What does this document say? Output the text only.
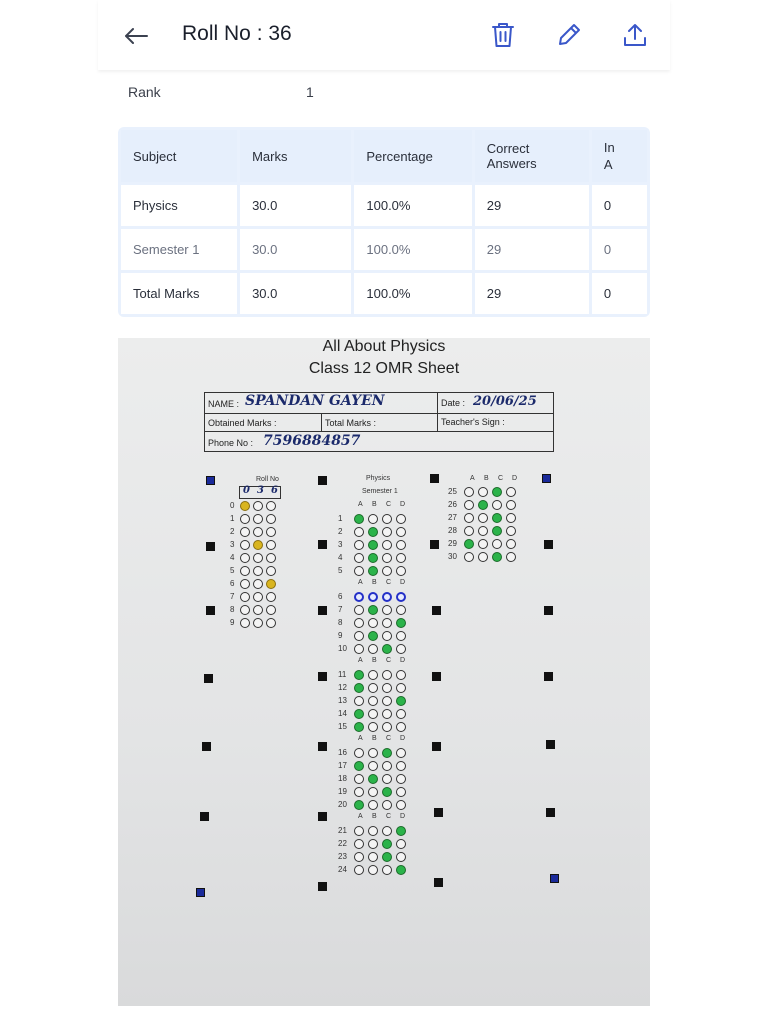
Roll No : 36
Rank	1
Subject	Marks	Percentage	Correct Answers	In
A
Physics	30.0	100.0%	29	0
Semester 1	30.0	100.0%	29	0
Total Marks	30.0	100.0%	29	0
All About Physics
Class 12 OMR Sheet
NAME : SPANDAN GAYEN	Date : 20/06/25
Obtained Marks :	Total Marks :	Teacher's Sign :
Phone No : 7596884857
Roll No
0 3 6
0
1
2
3
4
5
6
7
8
9
Physics
Semester 1
A B C D
1
2
3
4
5
A B C D
6
7
8
9
10
A B C D
11
12
13
14
15
A B C D
16
17
18
19
20
A B C D
21
22
23
24
A B C D
25
26
27
28
29
30
